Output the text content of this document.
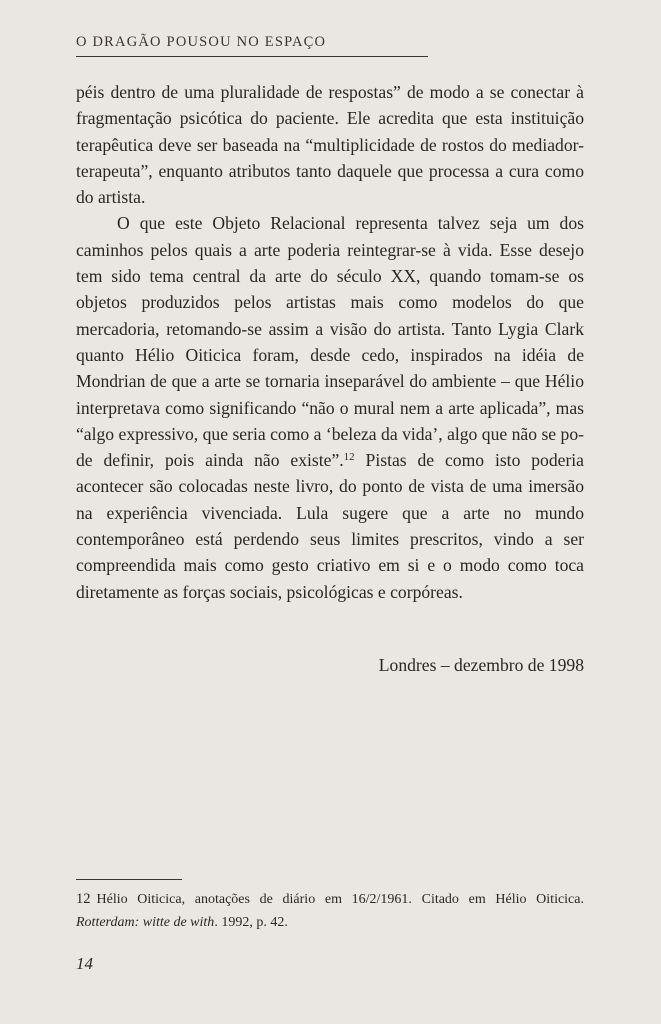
O DRAGÃO POUSOU NO ESPAÇO

péis dentro de uma pluralidade de respostas” de modo a se conectar à fragmentação psicótica do paciente. Ele acredita que esta instituição terapêutica deve ser baseada na “multiplicidade de rostos do mediador-terapeuta”, enquanto atributos tanto daquele que processa a cura como do artista.

O que este Objeto Relacional representa talvez seja um dos caminhos pelos quais a arte poderia reintegrar-se à vida. Esse desejo tem sido tema central da arte do século XX, quando tomam-se os objetos produzidos pelos artistas mais como modelos do que mercadoria, retomando-se assim a visão do artista. Tanto Lygia Clark quanto Hélio Oiticica foram, desde cedo, inspirados na idéia de Mondrian de que a arte se tornaria inseparável do ambiente – que Hélio interpretava como significando “não o mural nem a arte aplicada”, mas “algo expressivo, que seria como a ‘beleza da vida’, algo que não se pode definir, pois ainda não existe”.$^{12}$ Pistas de como isto poderia acontecer são colocadas neste livro, do ponto de vista de uma imersão na experiência vivenciada. Lula sugere que a arte no mundo contemporâneo está perdendo seus limites prescritos, vindo a ser compreendida mais como gesto criativo em si e o modo como toca diretamente as forças sociais, psicológicas e corpóreas.

Londres – dezembro de 1998

12 Hélio Oiticica, anotações de diário em 16/2/1961. Citado em Hélio Oiticica. Rotterdam: witte de with. 1992, p. 42.

14
